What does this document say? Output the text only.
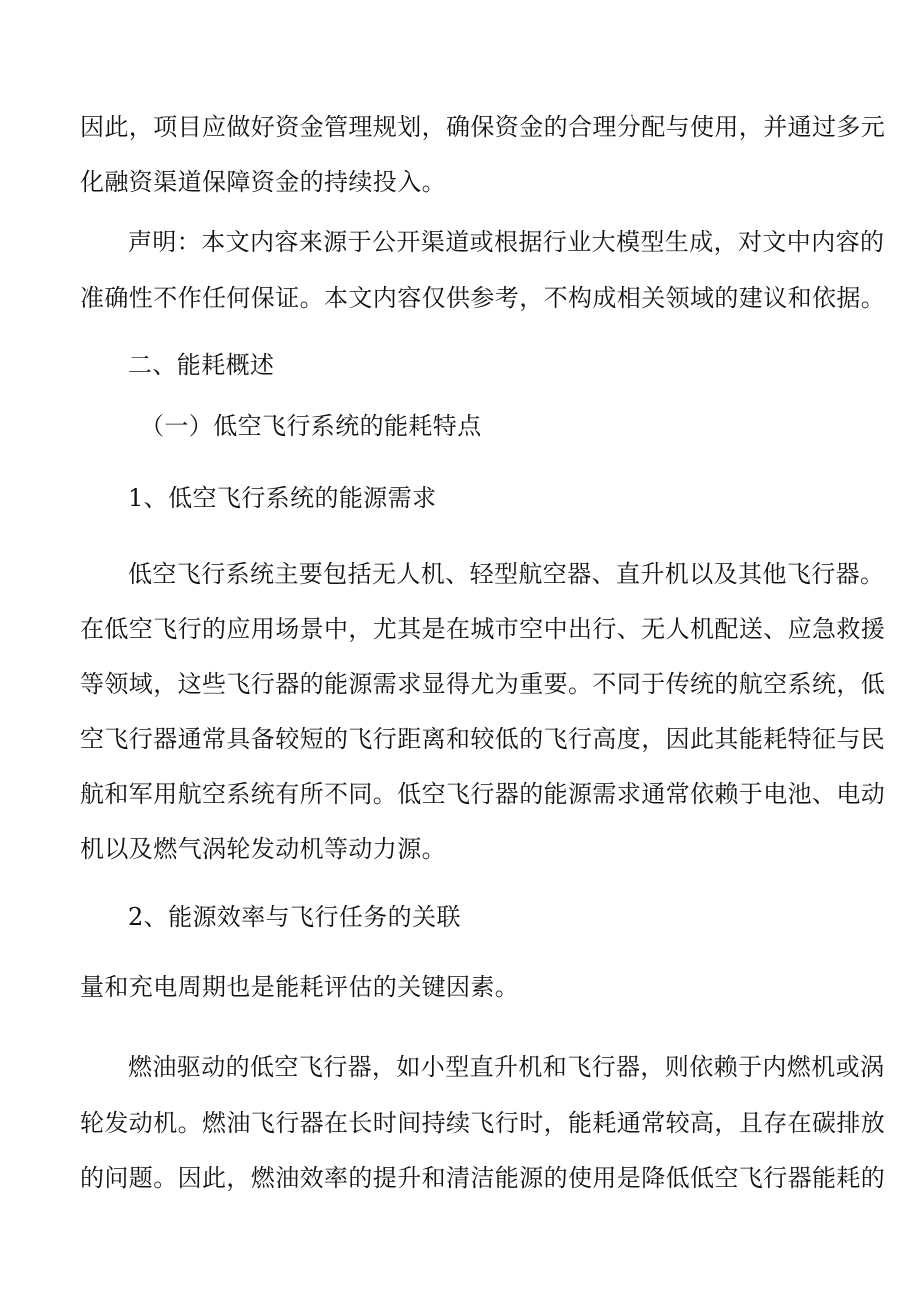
因此，项目应做好资金管理规划，确保资金的合理分配与使用，并通过多元
化融资渠道保障资金的持续投入。
声明：本文内容来源于公开渠道或根据行业大模型生成，对文中内容的
准确性不作任何保证。本文内容仅供参考，不构成相关领域的建议和依据。
二、能耗概述
（一）低空飞行系统的能耗特点
1、低空飞行系统的能源需求
低空飞行系统主要包括无人机、轻型航空器、直升机以及其他飞行器。
在低空飞行的应用场景中，尤其是在城市空中出行、无人机配送、应急救援
等领域，这些飞行器的能源需求显得尤为重要。不同于传统的航空系统，低
空飞行器通常具备较短的飞行距离和较低的飞行高度，因此其能耗特征与民
航和军用航空系统有所不同。低空飞行器的能源需求通常依赖于电池、电动
机以及燃气涡轮发动机等动力源。
2、能源效率与飞行任务的关联
量和充电周期也是能耗评估的关键因素。
燃油驱动的低空飞行器，如小型直升机和飞行器，则依赖于内燃机或涡
轮发动机。燃油飞行器在长时间持续飞行时，能耗通常较高，且存在碳排放
的问题。因此，燃油效率的提升和清洁能源的使用是降低低空飞行器能耗的
